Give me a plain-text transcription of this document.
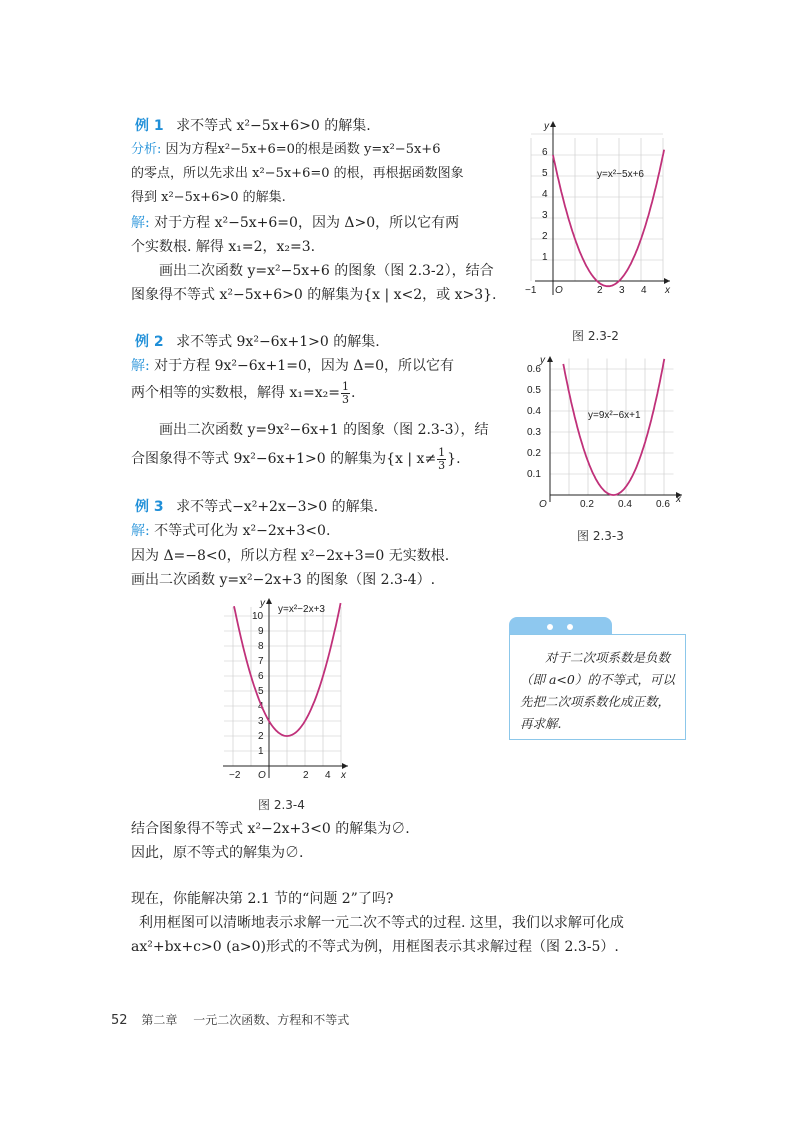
例 1 求不等式 x²−5x+6>0 的解集.
分析: 因为方程x²−5x+6=0的根是函数 y=x²−5x+6
的零点，所以先求出 x²−5x+6=0 的根，再根据函数图象
得到 x²−5x+6>0 的解集.
解: 对于方程 x²−5x+6=0，因为 Δ>0，所以它有两
个实数根. 解得 x₁=2，x₂=3.
画出二次函数 y=x²−5x+6 的图象（图 2.3-2），结合
图象得不等式 x²−5x+6>0 的解集为{x | x<2，或 x>3}.
例 2 求不等式 9x²−6x+1>0 的解集.
解: 对于方程 9x²−6x+1=0，因为 Δ=0，所以它有
两个相等的实数根，解得 $x_1=x_2= \frac{1}{3}$ .
画出二次函数 y=9x²−6x+1 的图象（图 2.3-3），结
合图象得不等式 9x²−6x+1>0 的解集为{x | $x\ne \frac{1}{3}$ }.
例 3 求不等式−x²+2x−3>0 的解集.
解: 不等式可化为 x²−2x+3<0.
因为 Δ=−8<0，所以方程 x²−2x+3=0 无实数根.
画出二次函数 y=x²−2x+3 的图象（图 2.3-4）.
结合图象得不等式 x²−2x+3<0 的解集为∅.
因此，原不等式的解集为∅.
现在，你能解决第 2.1 节的“问题 2”了吗?
利用框图可以清晰地表示求解一元二次不等式的过程. 这里，我们以求解可化成
ax²+bx+c>0 (a>0)形式的不等式为例，用框图表示其求解过程（图 2.3-5）.
x
y
O
1
2
3
4
5
6
−1	2 3 4
y=x²−5x+6
图 2.3-2
x
y
O
0.1
0.2
0.3
0.4
0.5
0.6
0.2 0.4 0.6
y=9x²−6x+1
图 2.3-3
x
y
O
1
2
3
4
5
6
7
8
9
10
−2	2 4
y=x²−2x+3
图 2.3-4
对于二次项系数是负数（即 a<0）的不等式，可以先把二次项系数化成正数，再求解.
52 第二章 一元二次函数、方程和不等式
